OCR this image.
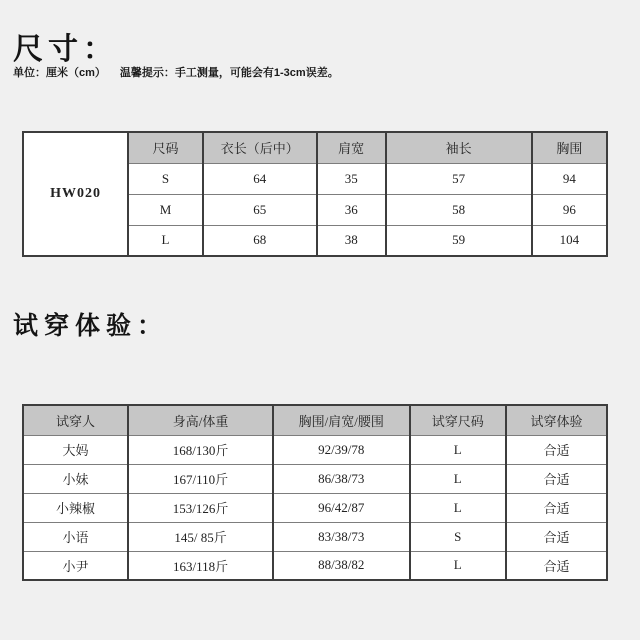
尺寸：
单位：厘米（cm） 温馨提示：手工测量，可能会有1-3cm误差。
HW020	尺码	衣长（后中）	肩宽	袖长	胸围
	S	64	35	57	94
	M	65	36	58	96
	L	68	38	59	104
试穿体验：
试穿人	身高/体重	胸围/肩宽/腰围	试穿尺码	试穿体验
大妈	168/130斤	92/39/78	L	合适
小妹	167/110斤	86/38/73	L	合适
小辣椒	153/126斤	96/42/87	L	合适
小语	145/ 85斤	83/38/73	S	合适
小尹	163/118斤	88/38/82	L	合适
